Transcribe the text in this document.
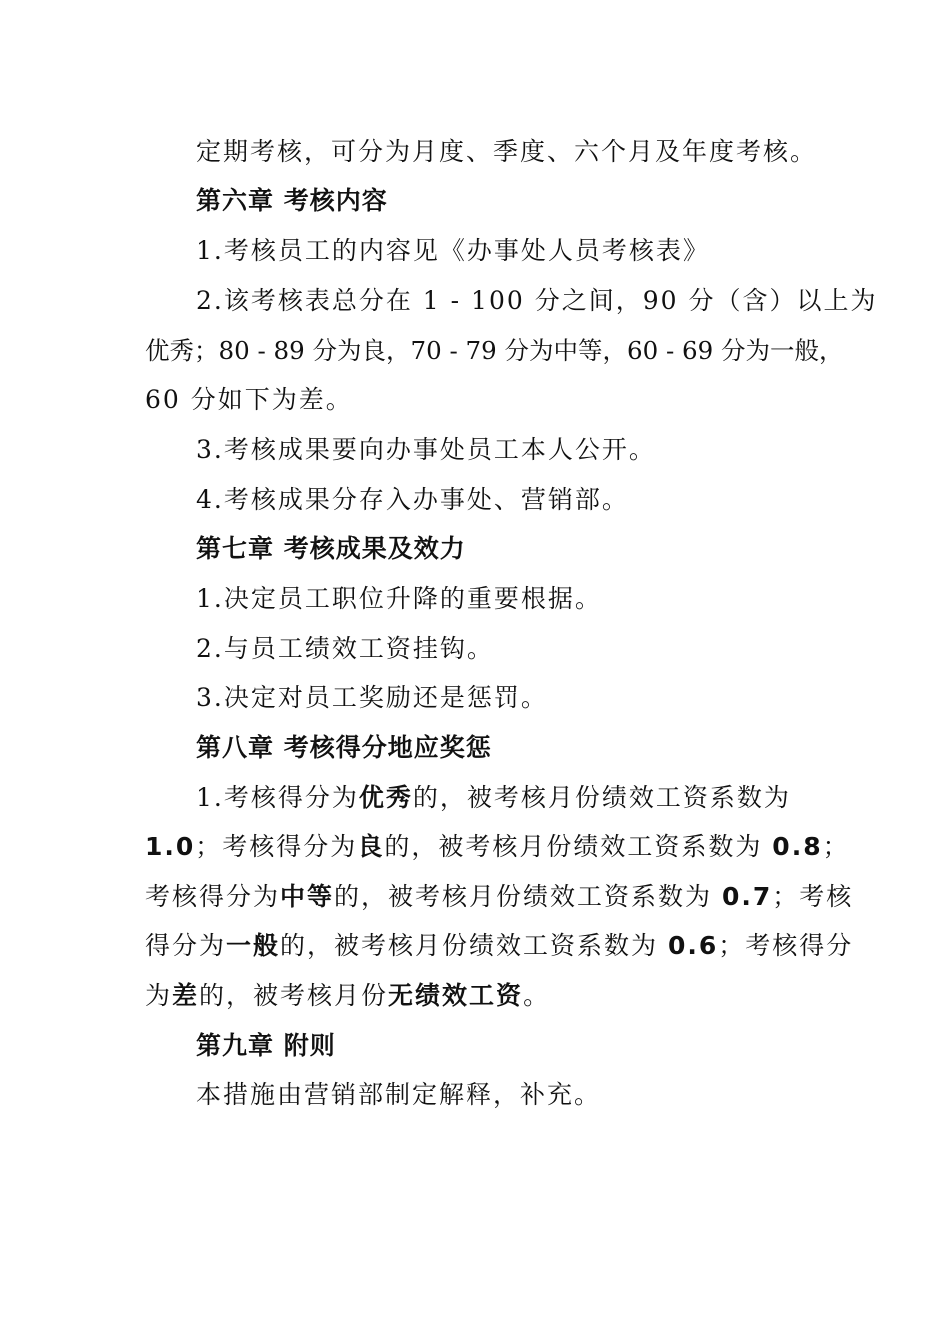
定期考核，可分为月度、季度、六个月及年度考核。
第六章 考核内容
1.考核员工的内容见《办事处人员考核表》
2.该考核表总分在 1 - 100 分之间，90 分（含）以上为
优秀；80 - 89 分为良，70 - 79 分为中等，60 - 69 分为一般，
60 分如下为差。
3.考核成果要向办事处员工本人公开。
4.考核成果分存入办事处、营销部。
第七章 考核成果及效力
1.决定员工职位升降的重要根据。
2.与员工绩效工资挂钩。
3.决定对员工奖励还是惩罚。
第八章 考核得分地应奖惩
1.考核得分为优秀的，被考核月份绩效工资系数为
1.0；考核得分为良的，被考核月份绩效工资系数为 0.8；
考核得分为中等的，被考核月份绩效工资系数为 0.7；考核
得分为一般的，被考核月份绩效工资系数为 0.6；考核得分
为差的，被考核月份无绩效工资。
第九章 附则
本措施由营销部制定解释，补充。
